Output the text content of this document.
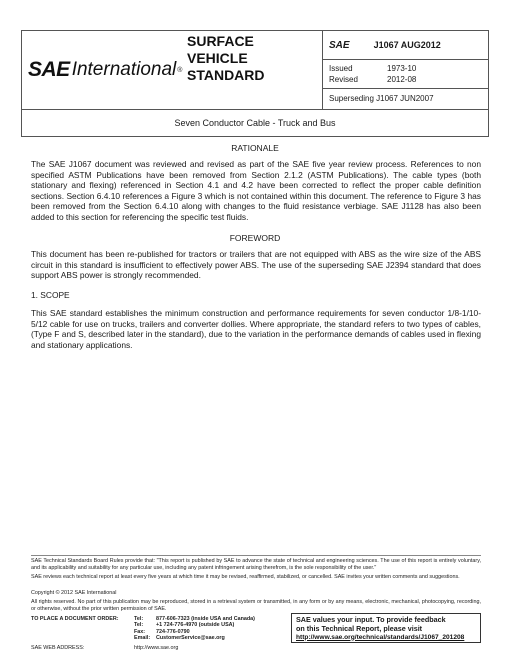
SAE International ®
SURFACE
VEHICLE
STANDARD
SAE	J1067 AUG2012
Issued	1973-10
Revised	2012-08
Superseding J1067 JUN2007
Seven Conductor Cable - Truck and Bus
RATIONALE
The SAE J1067 document was reviewed and revised as part of the SAE five year review process. References to non specified ASTM Publications have been removed from Section 2.1.2 (ASTM Publications). The cable types (both stationary and flexing) referenced in Section 4.1 and 4.2 have been corrected to reflect the proper cable definition sections. Section 6.4.10 references a Figure 3 which is not contained within this document. The reference to Figure 3 has been removed from the Section 6.4.10 along with changes to the fluid resistance verbiage. SAE J1128 has also been added to this section for referencing the specific test fluids.
FOREWORD
This document has been re-published for tractors or trailers that are not equipped with ABS as the wire size of the ABS circuit in this standard is insufficient to effectively power ABS. The use of the superseding SAE J2394 standard that does support ABS power is strongly recommended.
1. SCOPE
This SAE standard establishes the minimum construction and performance requirements for seven conductor 1/8-1/10-5/12 cable for use on trucks, trailers and converter dollies. Where appropriate, the standard refers to two types of cables, (Type F and S, described later in the standard), due to the variation in the performance demands of cables used in flexing and stationary applications.
SAE Technical Standards Board Rules provide that: "This report is published by SAE to advance the state of technical and engineering sciences. The use of this report is entirely voluntary, and its applicability and suitability for any particular use, including any patent infringement arising therefrom, is the sole responsibility of the user."
SAE reviews each technical report at least every five years at which time it may be revised, reaffirmed, stabilized, or cancelled. SAE invites your written comments and suggestions.
Copyright © 2012 SAE International
All rights reserved. No part of this publication may be reproduced, stored in a retrieval system or transmitted, in any form or by any means, electronic, mechanical, photocopying, recording, or otherwise, without the prior written permission of SAE.
TO PLACE A DOCUMENT ORDER:	Tel:	877-606-7323 (inside USA and Canada)
Tel:	+1 724-776-4970 (outside USA)
Fax:	724-776-0790
Email:	CustomerService@sae.org
SAE WEB ADDRESS:	http://www.sae.org
SAE values your input. To provide feedback
on this Technical Report, please visit
http://www.sae.org/technical/standards/J1067_201208
